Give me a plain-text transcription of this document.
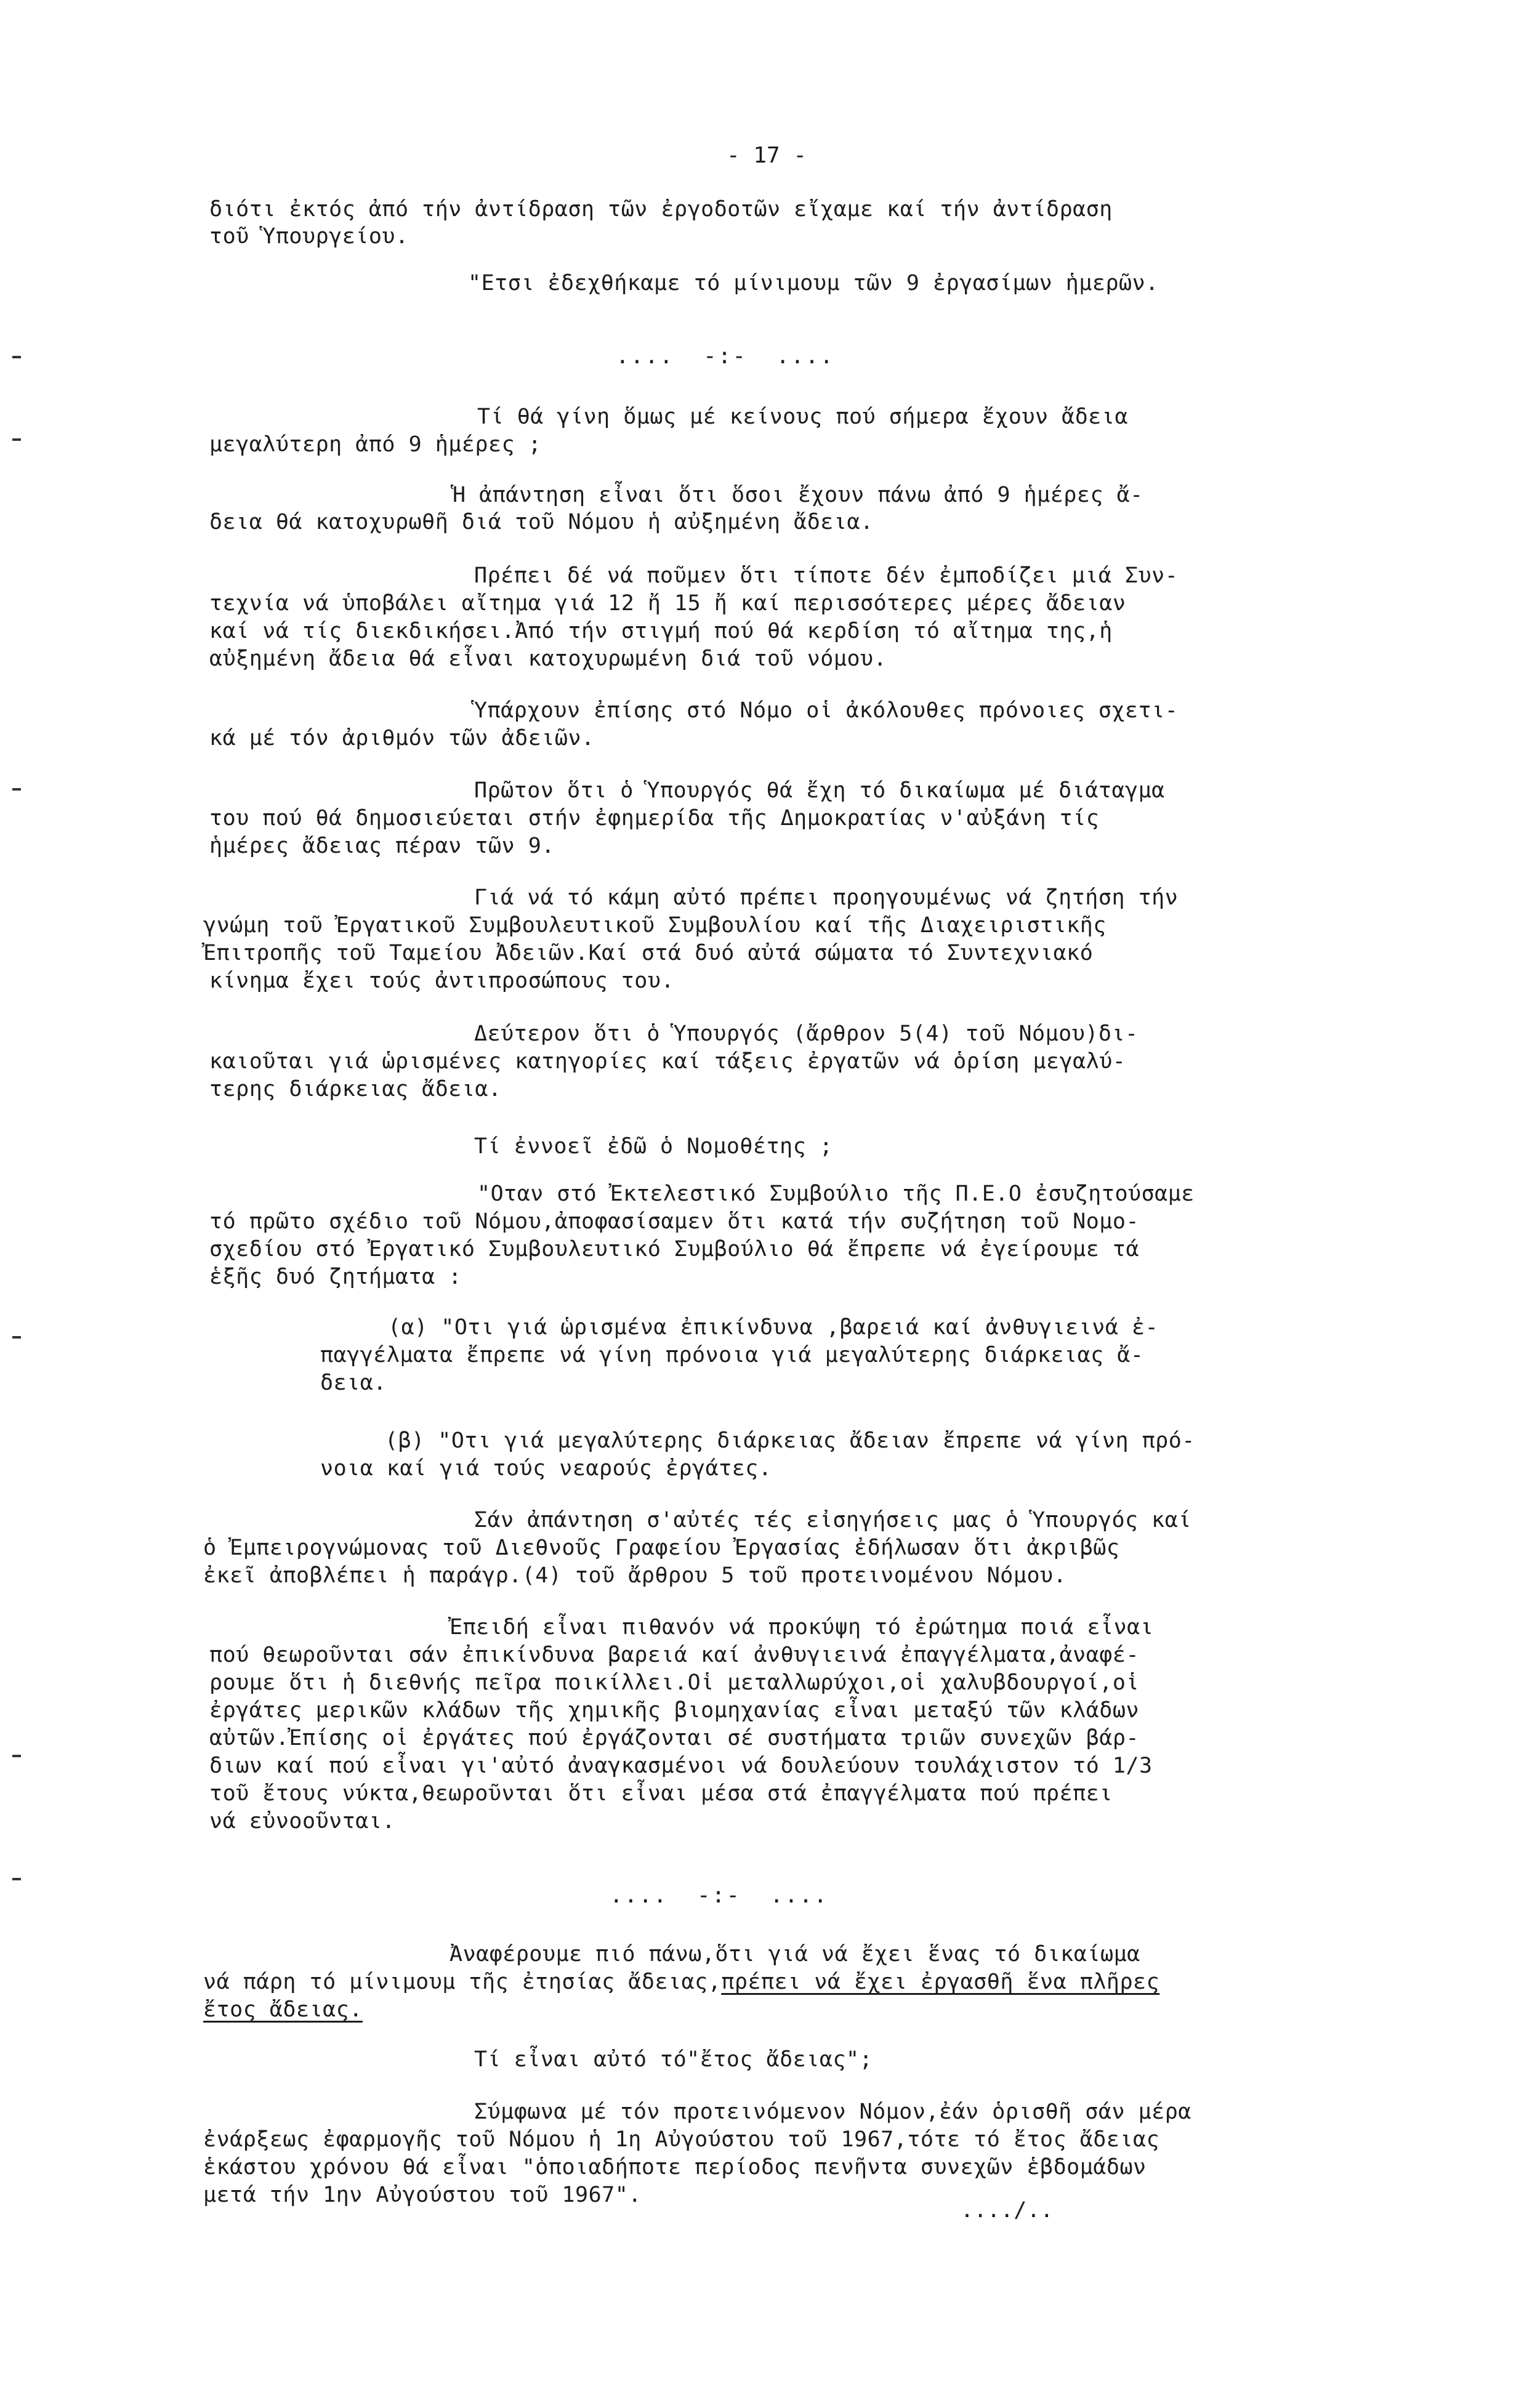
- 17 -
διότι ἐκτός ἀπό τήν ἀντίδραση τῶν ἐργοδοτῶν εἴχαμε καί τήν ἀντίδραση
τοῦ Ὑπουργείου.
"Ετσι ἐδεχθήκαμε τό μίνιμουμ τῶν 9 ἐργασίμων ἡμερῶν.
....  -:-  ....
Τί θά γίνη ὅμως μέ κείνους πού σήμερα ἔχουν ἄδεια
μεγαλύτερη ἀπό 9 ἡμέρες ;
Ἡ ἀπάντηση εἶναι ὅτι ὅσοι ἔχουν πάνω ἀπό 9 ἡμέρες ἄ-
δεια θά κατοχυρωθῆ διά τοῦ Νόμου ἡ αὐξημένη ἄδεια.
Πρέπει δέ νά ποῦμεν ὅτι τίποτε δέν ἐμποδίζει μιά Συν-
τεχνία νά ὑποβάλει αἴτημα γιά 12 ἤ 15 ἤ καί περισσότερες μέρες ἄδειαν
καί νά τίς διεκδικήσει.Ἀπό τήν στιγμή πού θά κερδίση τό αἴτημα της,ἡ
αὐξημένη ἄδεια θά εἶναι κατοχυρωμένη διά τοῦ νόμου.
Ὑπάρχουν ἐπίσης στό Νόμο οἱ ἀκόλουθες πρόνοιες σχετι-
κά μέ τόν ἀριθμόν τῶν ἀδειῶν.
Πρῶτον ὅτι ὁ Ὑπουργός θά ἔχη τό δικαίωμα μέ διάταγμα
του πού θά δημοσιεύεται στήν ἐφημερίδα τῆς Δημοκρατίας ν'αὐξάνη τίς
ἡμέρες ἄδειας πέραν τῶν 9.
Γιά νά τό κάμη αὐτό πρέπει προηγουμένως νά ζητήση τήν
γνώμη τοῦ Ἐργατικοῦ Συμβουλευτικοῦ Συμβουλίου καί τῆς Διαχειριστικῆς
Ἐπιτροπῆς τοῦ Ταμείου Ἀδειῶν.Καί στά δυό αὐτά σώματα τό Συντεχνιακό
κίνημα ἔχει τούς ἀντιπροσώπους του.
Δεύτερον ὅτι ὁ Ὑπουργός (ἄρθρον 5(4) τοῦ Νόμου)δι-
καιοῦται γιά ὡρισμένες κατηγορίες καί τάξεις ἐργατῶν νά ὁρίση μεγαλύ-
τερης διάρκειας ἄδεια.
Τί ἐννοεῖ ἐδῶ ὁ Νομοθέτης ;
"Οταν στό Ἐκτελεστικό Συμβούλιο τῆς Π.Ε.Ο ἐσυζητούσαμε
τό πρῶτο σχέδιο τοῦ Νόμου,ἀποφασίσαμεν ὅτι κατά τήν συζήτηση τοῦ Νομο-
σχεδίου στό Ἐργατικό Συμβουλευτικό Συμβούλιο θά ἔπρεπε νά ἐγείρουμε τά
ἑξῆς δυό ζητήματα :
(α) "Οτι γιά ὡρισμένα ἐπικίνδυνα ,βαρειά καί ἀνθυγιεινά ἐ-
παγγέλματα ἔπρεπε νά γίνη πρόνοια γιά μεγαλύτερης διάρκειας ἄ-
δεια.
(β) "Οτι γιά μεγαλύτερης διάρκειας ἄδειαν ἔπρεπε νά γίνη πρό-
νοια καί γιά τούς νεαρούς ἐργάτες.
Σάν ἀπάντηση σ'αὐτές τές εἰσηγήσεις μας ὁ Ὑπουργός καί
ὁ Ἐμπειρογνώμονας τοῦ Διεθνοῦς Γραφείου Ἐργασίας ἐδήλωσαν ὅτι ἀκριβῶς
ἐκεῖ ἀποβλέπει ἡ παράγρ.(4) τοῦ ἄρθρου 5 τοῦ προτεινομένου Νόμου.
Ἐπειδή εἶναι πιθανόν νά προκύψη τό ἐρώτημα ποιά εἶναι
πού θεωροῦνται σάν ἐπικίνδυνα βαρειά καί ἀνθυγιεινά ἐπαγγέλματα,ἀναφέ-
ρουμε ὅτι ἡ διεθνής πεῖρα ποικίλλει.Οἱ μεταλλωρύχοι,οἱ χαλυβδουργοί,οἱ
ἐργάτες μερικῶν κλάδων τῆς χημικῆς βιομηχανίας εἶναι μεταξύ τῶν κλάδων
αὐτῶν.Ἐπίσης οἱ ἐργάτες πού ἐργάζονται σέ συστήματα τριῶν συνεχῶν βάρ-
διων καί πού εἶναι γι'αὐτό ἀναγκασμένοι νά δουλεύουν τουλάχιστον τό 1/3
τοῦ ἔτους νύκτα,θεωροῦνται ὅτι εἶναι μέσα στά ἐπαγγέλματα πού πρέπει
νά εὐνοοῦνται.
....  -:-  ....
Ἀναφέρουμε πιό πάνω,ὅτι γιά νά ἔχει ἕνας τό δικαίωμα
νά πάρη τό μίνιμουμ τῆς ἐτησίας ἄδειας,πρέπει νά ἔχει ἐργασθῆ ἕνα πλῆρες
ἔτος ἄδειας.
Τί εἶναι αὐτό τό"ἔτος ἄδειας";
Σύμφωνα μέ τόν προτεινόμενον Νόμον,ἐάν ὁρισθῆ σάν μέρα
ἐνάρξεως ἐφαρμογῆς τοῦ Νόμου ἡ 1η Αὐγούστου τοῦ 1967,τότε τό ἔτος ἄδειας
ἑκάστου χρόνου θά εἶναι "ὁποιαδήποτε περίοδος πενῆντα συνεχῶν ἑβδομάδων
μετά τήν 1ην Αὐγούστου τοῦ 1967".
..../..
